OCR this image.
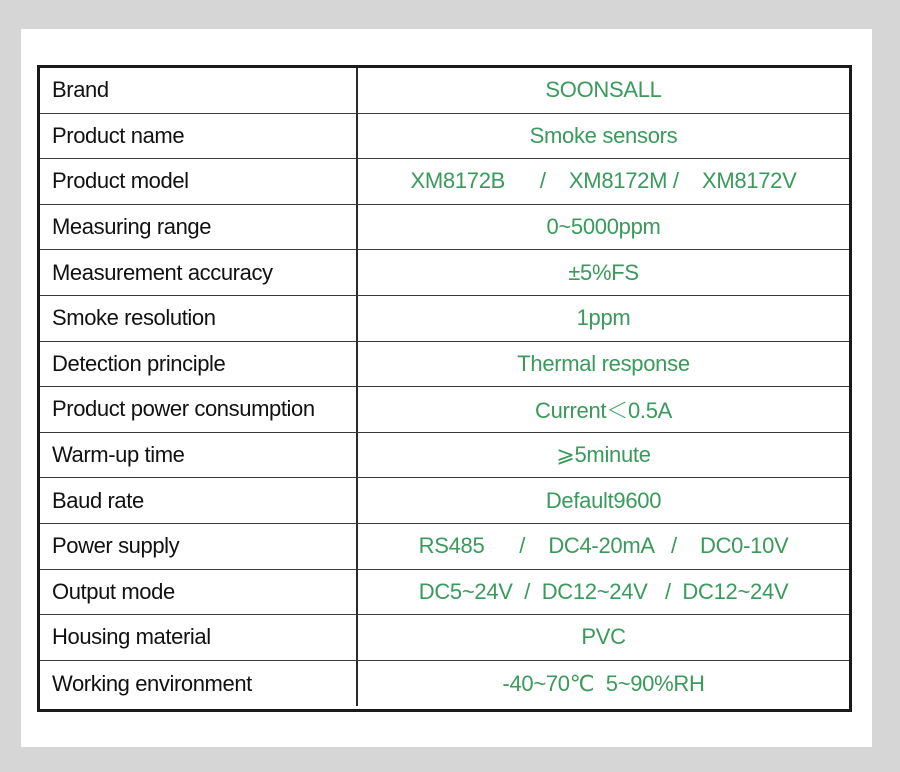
Brand	SOONSALL
Product name	Smoke sensors
Product model	XM8172B      /    XM8172M /    XM8172V
Measuring range	0~5000ppm
Measurement accuracy	±5%FS
Smoke resolution	1ppm
Detection principle	Thermal response
Product power consumption	Current＜0.5A
Warm-up time	⩾5minute
Baud rate	Default9600
Power supply	RS485      /    DC4-20mA   /    DC0-10V
Output mode	DC5~24V  /  DC12~24V   /  DC12~24V
Housing material	PVC
Working environment	-40~70℃  5~90%RH
